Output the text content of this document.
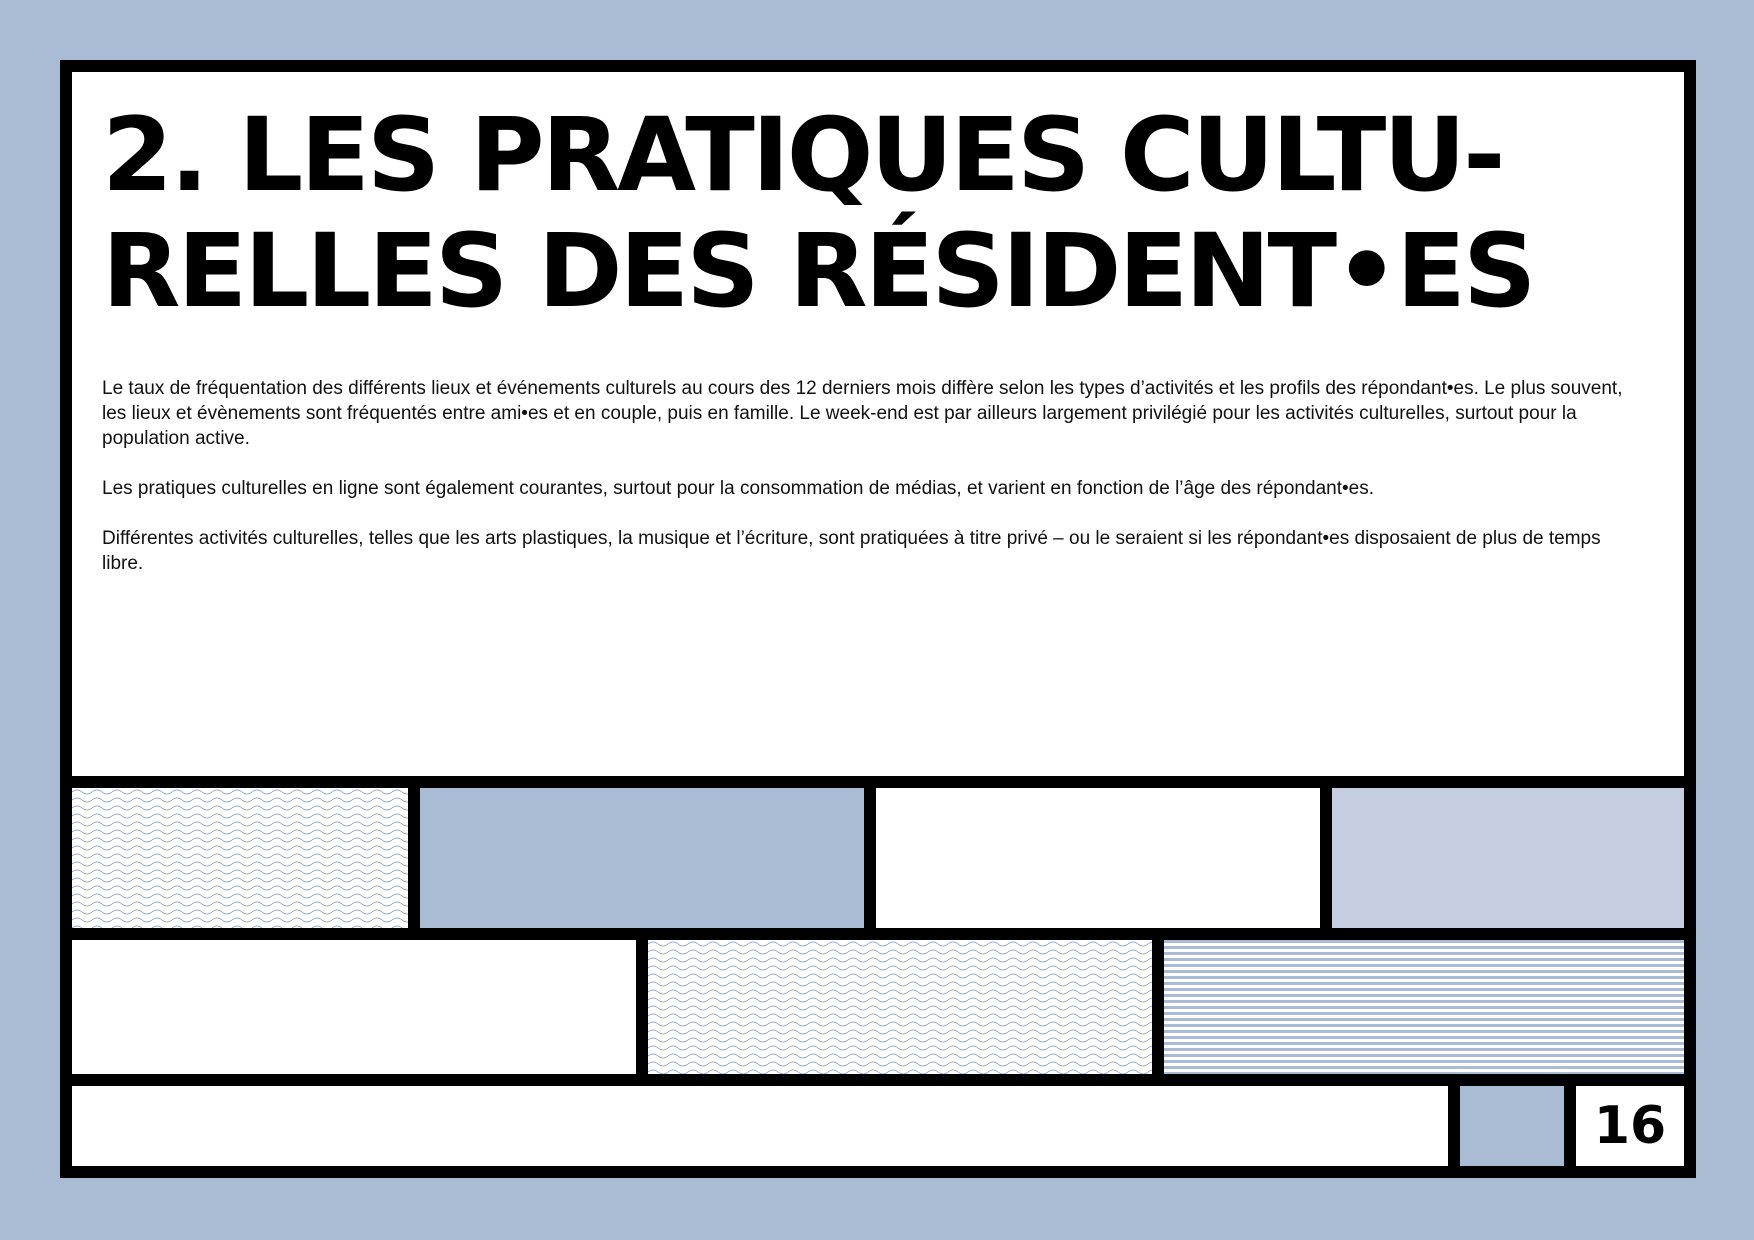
2. LES PRATIQUES CULTU-
RELLES DES RÉSIDENT•ES

Le taux de fréquentation des différents lieux et événements culturels au cours des 12 derniers mois diffère selon les types d’activités et les profils des répondant•es. Le plus souvent, les lieux et évènements sont fréquentés entre ami•es et en couple, puis en famille. Le week-end est par ailleurs largement privilégié pour les activités culturelles, surtout pour la population active.

Les pratiques culturelles en ligne sont également courantes, surtout pour la consommation de médias, et varient en fonction de l’âge des répondant•es.

Différentes activités culturelles, telles que les arts plastiques, la musique et l’écriture, sont pratiquées à titre privé – ou le seraient si les répondant•es disposaient de plus de temps libre.

16
